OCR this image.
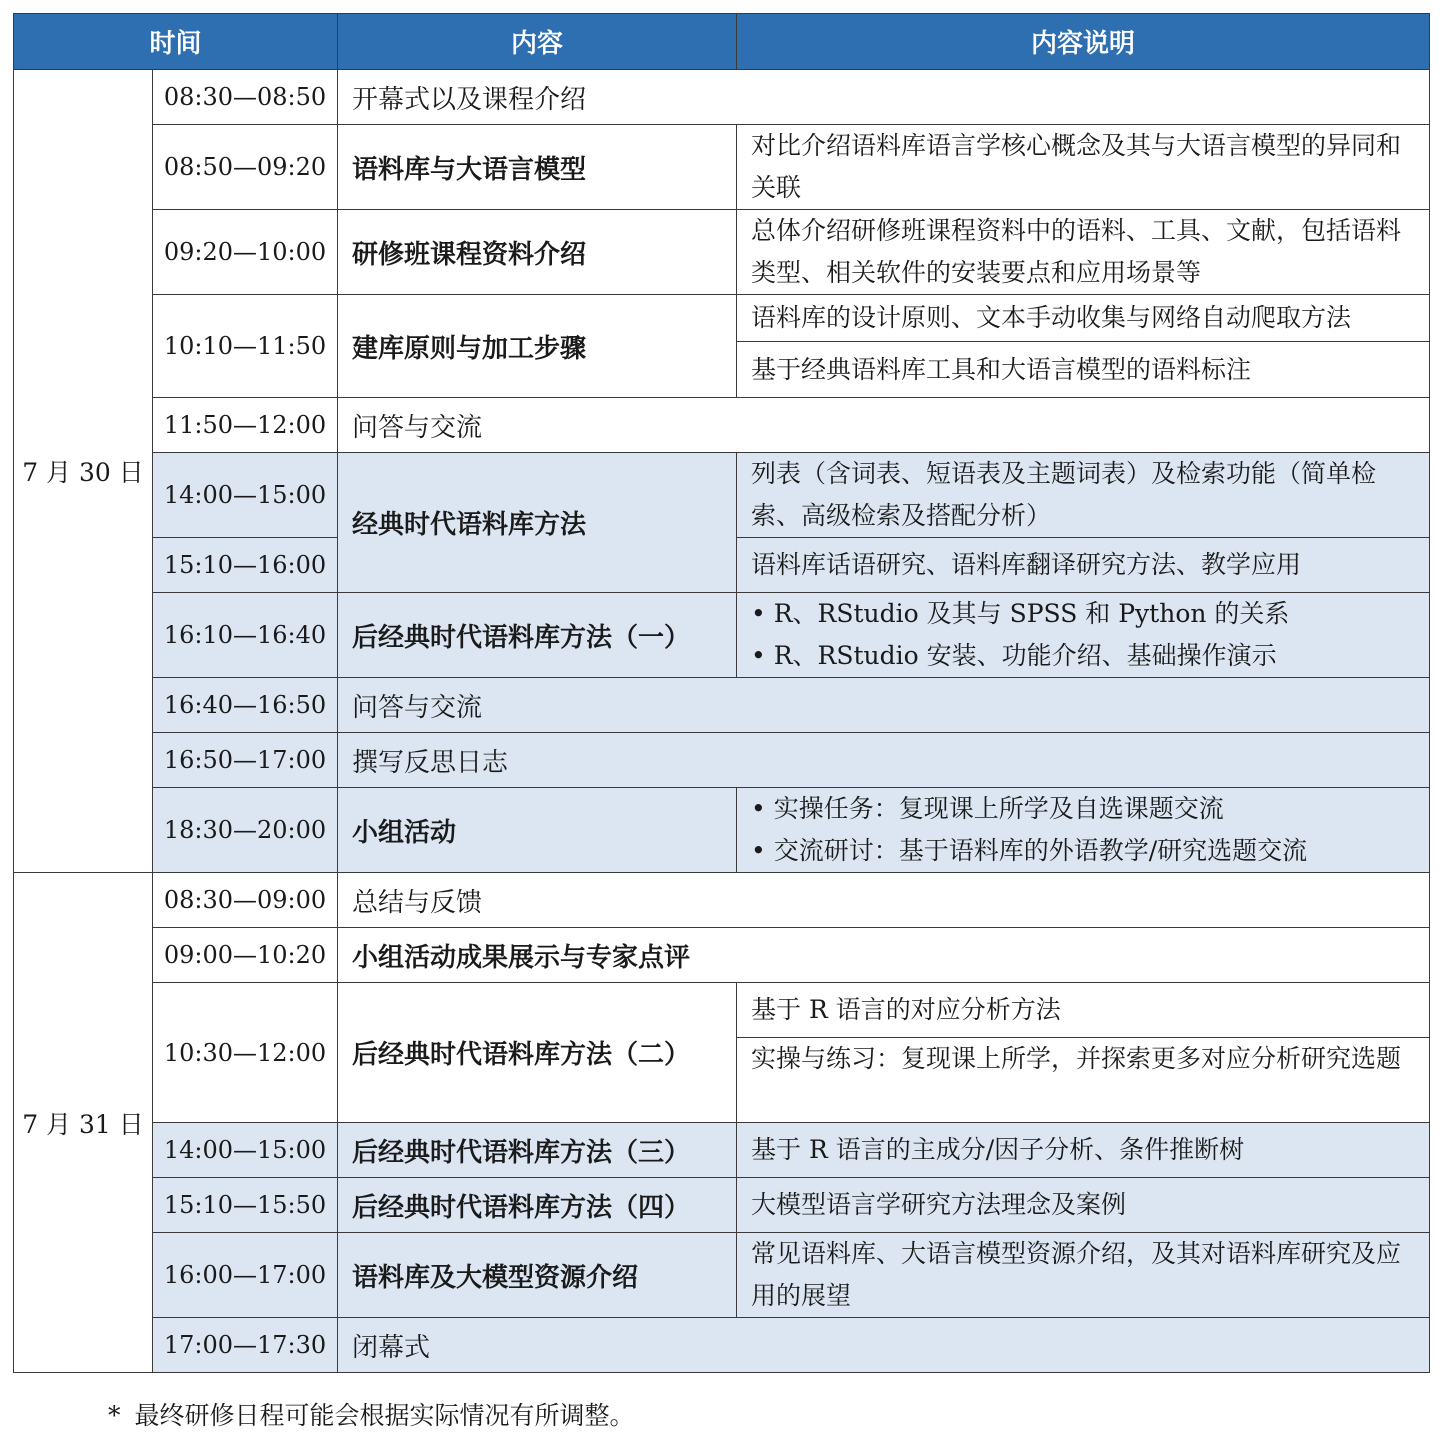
时间		内容	内容说明
7 月 30 日	08:30—08:50	开幕式以及课程介绍	
	08:50—09:20	语料库与大语言模型	对比介绍语料库语言学核心概念及其与大语言模型的异同和关联
	09:20—10:00	研修班课程资料介绍	总体介绍研修班课程资料中的语料、工具、文献，包括语料类型、相关软件的安装要点和应用场景等
	10:10—11:50	建库原则与加工步骤	语料库的设计原则、文本手动收集与网络自动爬取方法
基于经典语料库工具和大语言模型的语料标注

	11:50—12:00	问答与交流	
	14:00—15:00	经典时代语料库方法	列表（含词表、短语表及主题词表）及检索功能（简单检索、高级检索及搭配分析）
	15:10—16:00		语料库话语研究、语料库翻译研究方法、教学应用
	16:10—16:40	后经典时代语料库方法（一）	• R、RStudio 及其与 SPSS 和 Python 的关系
• R、RStudio 安装、功能介绍、基础操作演示

	16:40—16:50	问答与交流	
	16:50—17:00	撰写反思日志	
	18:30—20:00	小组活动	• 实操任务：复现课上所学及自选课题交流
• 交流研讨：基于语料库的外语教学/研究选题交流

7 月 31 日	08:30—09:00	总结与反馈	
	09:00—10:20	小组活动成果展示与专家点评	
	10:30—12:00	后经典时代语料库方法（二）	基于 R 语言的对应分析方法
实操与练习：复现课上所学，并探索更多对应分析研究选题

	14:00—15:00	后经典时代语料库方法（三）	基于 R 语言的主成分/因子分析、条件推断树
	15:10—15:50	后经典时代语料库方法（四）	大模型语言学研究方法理念及案例
	16:00—17:00	语料库及大模型资源介绍	常见语料库、大语言模型资源介绍，及其对语料库研究及应用的展望
	17:00—17:30	闭幕式	
* 最终研修日程可能会根据实际情况有所调整。
